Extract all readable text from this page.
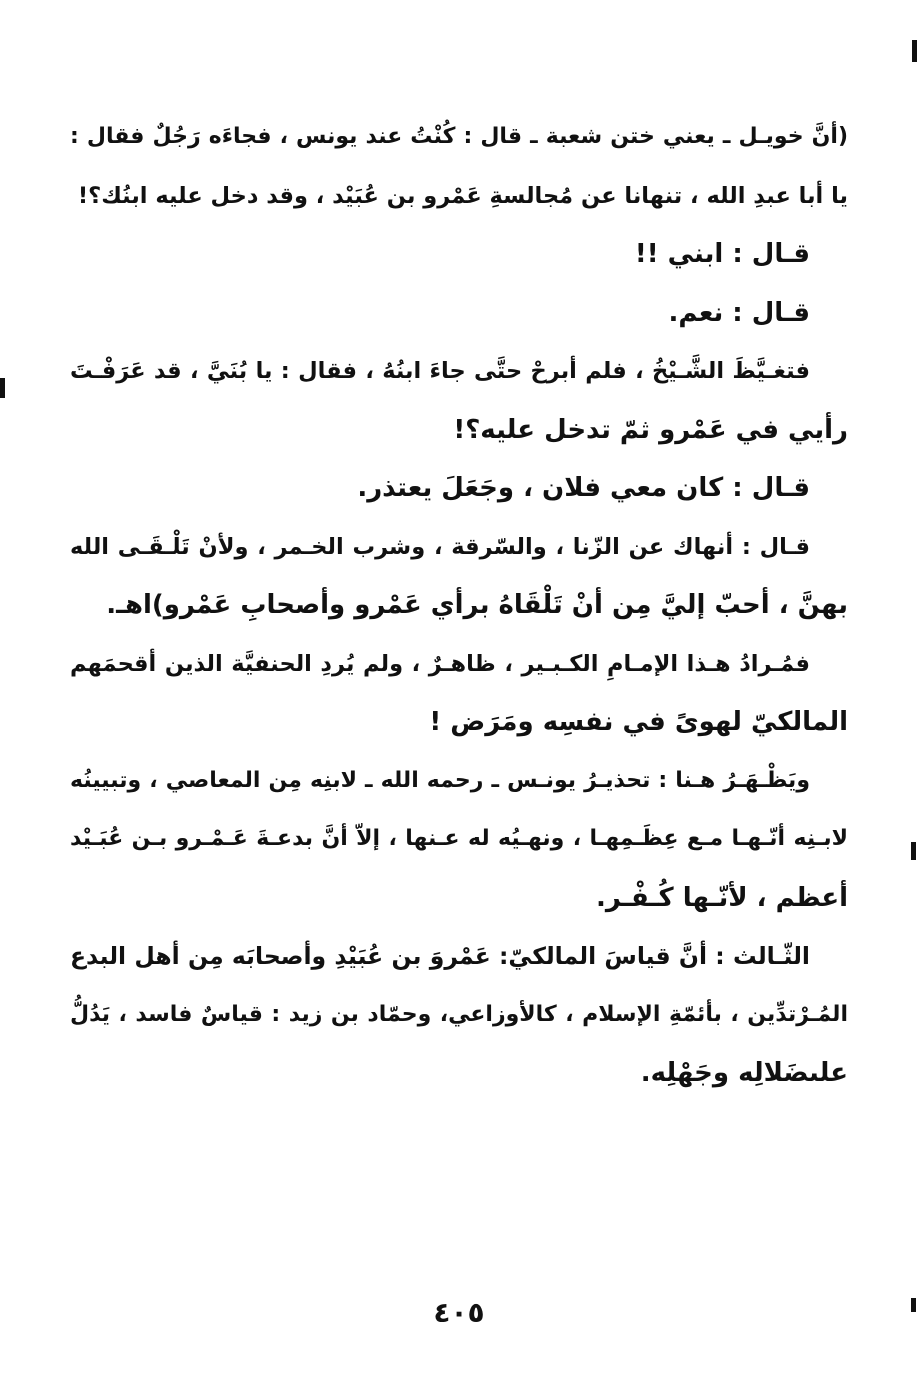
(أنَّ خويـل ـ يعني ختن شعبة ـ قال : كُنْتُ عند يونس ، فجاءَه رَجُلٌ فقال :
يا أبا عبدِ الله ، تنهانا عن مُجالسةِ عَمْرو بن عُبَيْد ، وقد دخل عليه ابنُك؟!
قـال : ابني !!
قـال : نعم.
فتغـيَّظَ الشَّـيْخُ ، فلم أبرحْ حتَّى جاءَ ابنُهُ ، فقال : يا بُنَيَّ ، قد عَرَفْـتَ
رأيي في عَمْرو ثمّ تدخل عليه؟!
قـال : كان معي فلان ، وجَعَلَ يعتذر.
قـال : أنهاك عن الزّنا ، والسّرقة ، وشرب الخـمر ، ولأنْ تَلْـقَـى الله
بهنَّ ، أحبّ إليَّ مِن أنْ تَلْقَاهُ برأي عَمْرو وأصحابِ عَمْرو)اهـ.
فمُـرادُ هـذا الإمـامِ الكـبـير ، ظاهـرٌ ، ولم يُردِ الحنفيَّة الذين أقحمَهم
المالكيّ لهوىً في نفسِه ومَرَض !
ويَظْـهَـرُ هـنا : تحذيـرُ يونـس ـ رحمه الله ـ لابنِه مِن المعاصي ، وتبيينُه
لابـنِه أنّـهـا مـع عِظَـمِهـا ، ونهـيُه له عـنها ، إلاّ أنَّ بدعـةَ عَـمْـرو بـن عُبَـيْد
أعظم ، لأنّـها كُـفْـر.
الثّـالث : أنَّ قياسَ المالكيّ: عَمْروَ بن عُبَيْدِ وأصحابَه مِن أهل البدع
المُـرْتدِّين ، بأئمّةِ الإسلام ، كالأوزاعي، وحمّاد بن زيد : قياسٌ فاسد ، يَدُلُّ
علىضَلالِه وجَهْلِه.
٤٠٥
